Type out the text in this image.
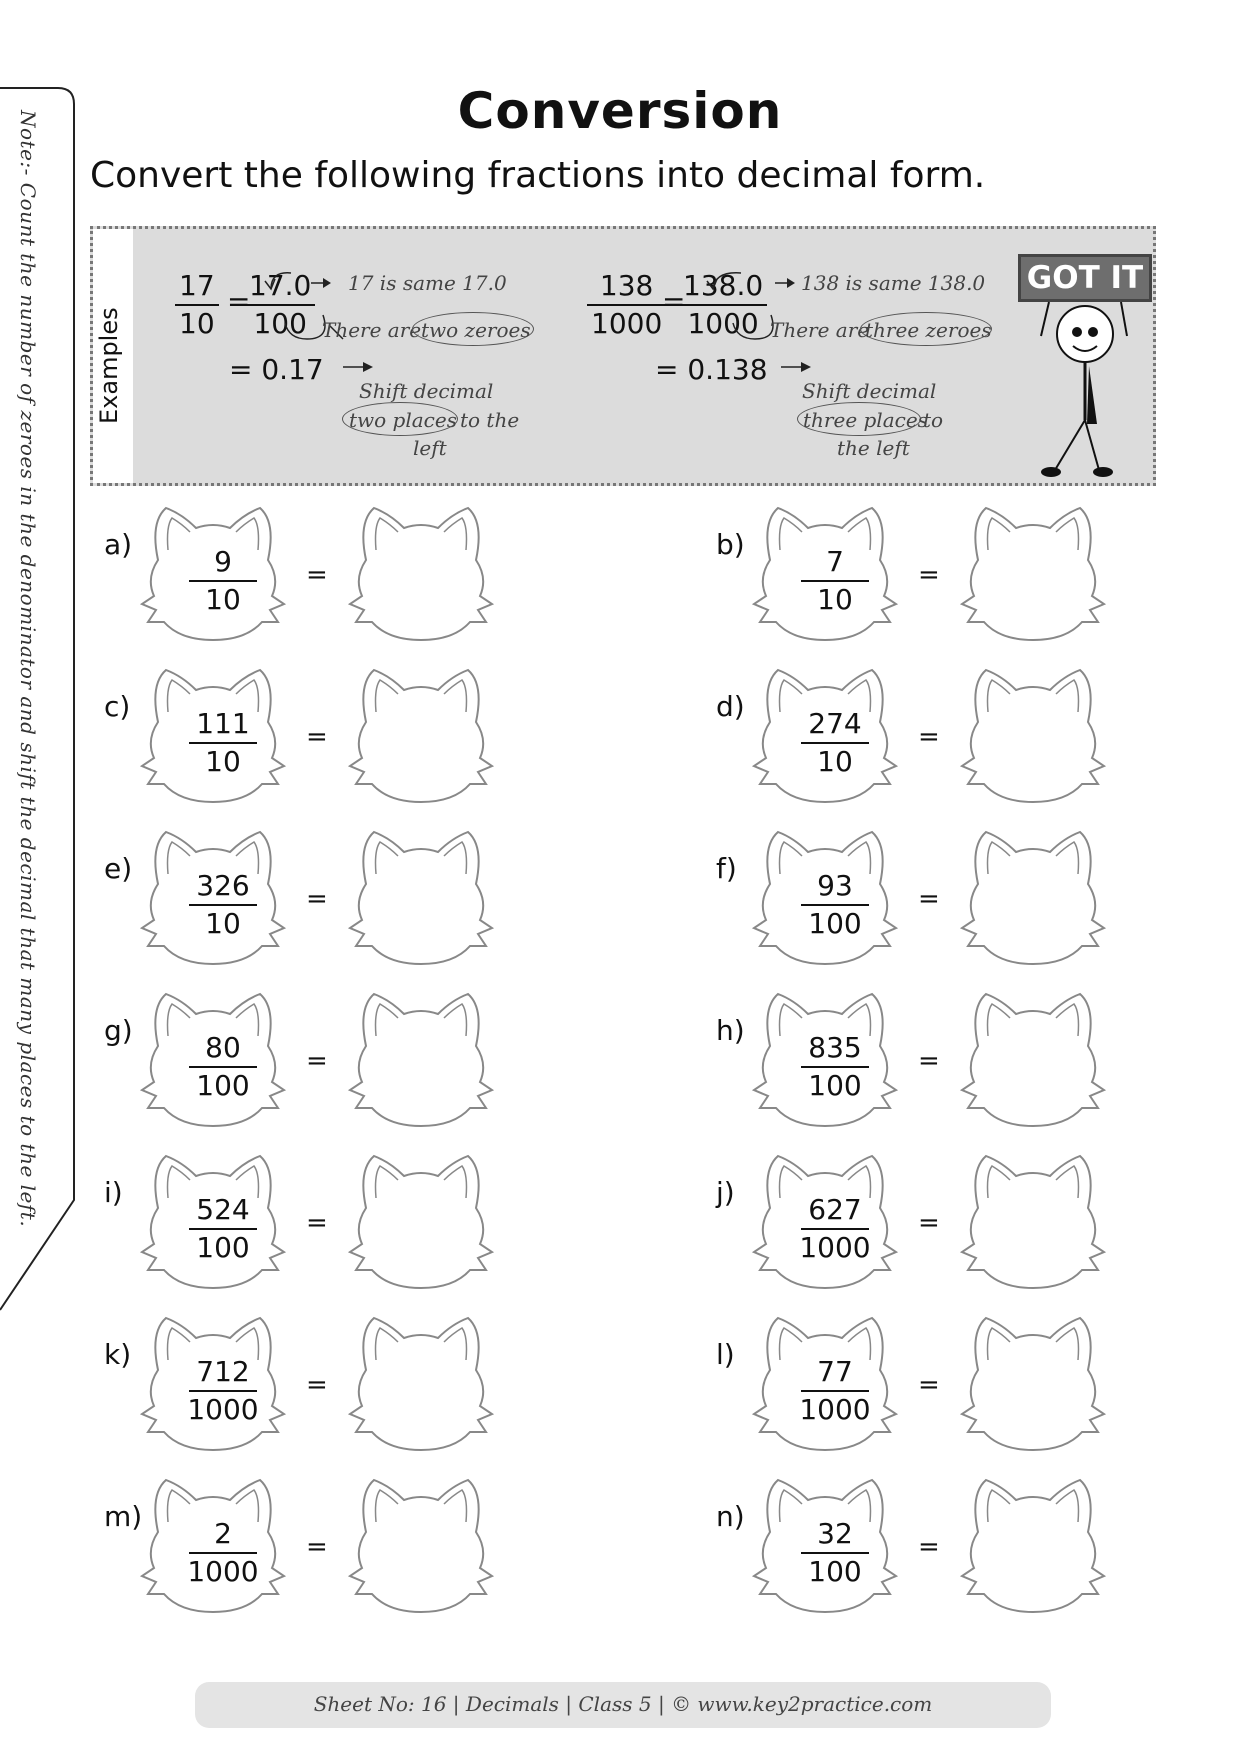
Note:- Count the number of zeroes in the denominator and shift the decimal that many places to the left.	Conversion
Convert the following fractions into decimal form.
Examples
$\frac{17}{10}$ =
$\frac{17.0}{100} 17$ is same 17.0
There are two zeroes
= 0.17
Shift decimal
two places to the
left
$\frac{138}{1000}$
=
$\frac{138.0}{1000} 138$ is same 138.0
There are
three zeroes
= 0.138
Shift decimal
three places
to
the left
GOT IT
$a) \frac{9}{10}$ =
$b) \frac{7}{10}$ =
$c) \frac{111}{10}$ =
$d) \frac{274}{10}$ =
$e) \frac{326}{10}$ =
$f) \frac{93}{100}$ =
$g) \frac{80}{100}$ =
$h) \frac{835}{100}$ =
$i) \frac{524}{100}$ =
$j) \frac{627}{1000}$ =
$k) \frac{712}{1000}$ =
$l) \frac{77}{1000}$ =
$m) \frac{2}{1000}$ =
$n) \frac{32}{100}$ =
Sheet No: 16 | Decimals | Class 5 | © www.key2practice.com
